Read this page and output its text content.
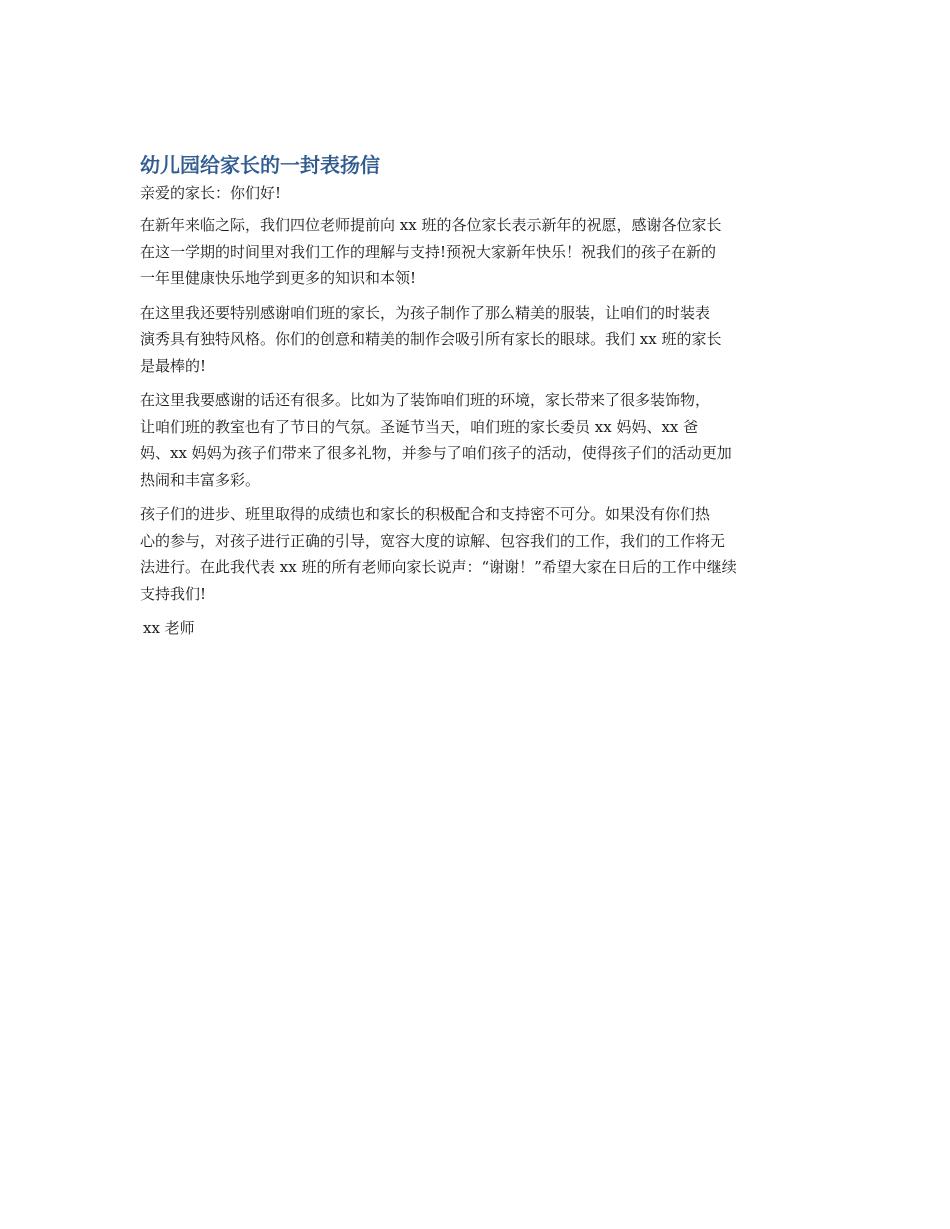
幼儿园给家长的一封表扬信

亲爱的家长：你们好!

在新年来临之际，我们四位老师提前向 xx 班的各位家长表示新年的祝愿，感谢各位家长
在这一学期的时间里对我们工作的理解与支持!预祝大家新年快乐！祝我们的孩子在新的
一年里健康快乐地学到更多的知识和本领!

在这里我还要特别感谢咱们班的家长，为孩子制作了那么精美的服装，让咱们的时装表
演秀具有独特风格。你们的创意和精美的制作会吸引所有家长的眼球。我们 xx 班的家长
是最棒的!

在这里我要感谢的话还有很多。比如为了装饰咱们班的环境，家长带来了很多装饰物，
让咱们班的教室也有了节日的气氛。圣诞节当天，咱们班的家长委员 xx 妈妈、xx 爸
妈、xx 妈妈为孩子们带来了很多礼物，并参与了咱们孩子的活动，使得孩子们的活动更加
热闹和丰富多彩。

孩子们的进步、班里取得的成绩也和家长的积极配合和支持密不可分。如果没有你们热
心的参与，对孩子进行正确的引导，宽容大度的谅解、包容我们的工作，我们的工作将无
法进行。在此我代表 xx 班的所有老师向家长说声：“谢谢！”希望大家在日后的工作中继续
支持我们!

xx 老师
